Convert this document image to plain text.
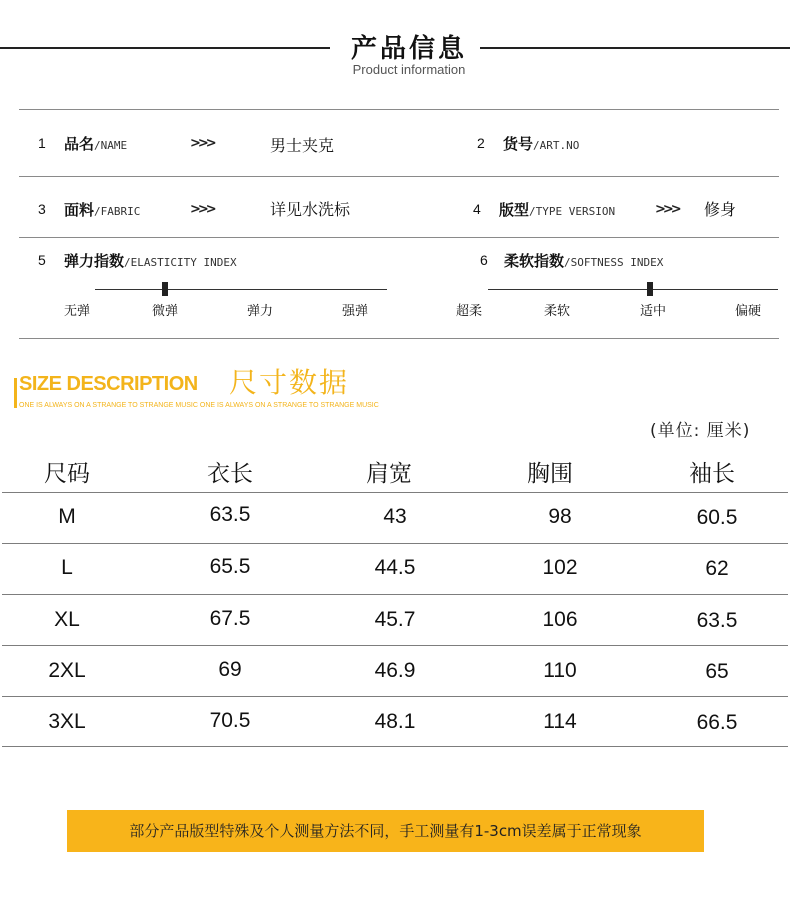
产品信息
Product information
1 品名/NAME	>>>	男士夹克	2 货号/ART.NO
3 面料/FABRIC	>>>	详见水洗标	4 版型/TYPE VERSION	>>> 修身
5 弹力指数/ELASTICITY INDEX	6 柔软指数/SOFTNESS INDEX
无弹	微弹	弹力	强弹	超柔	柔软	适中	偏硬
SIZE DESCRIPTION 尺寸数据
ONE IS ALWAYS ON A STRANGE TO STRANGE MUSIC ONE IS ALWAYS ON A STRANGE TO STRANGE MUSIC
(单位: 厘米)
尺码	衣长	肩宽	胸围	袖长
M	63.5	43	98	60.5
L	65.5	44.5	102	62
XL	67.5	45.7	106	63.5
2XL	69	46.9	110	65
3XL	70.5	48.1	114	66.5
部分产品版型特殊及个人测量方法不同，手工测量有1-3cm误差属于正常现象
